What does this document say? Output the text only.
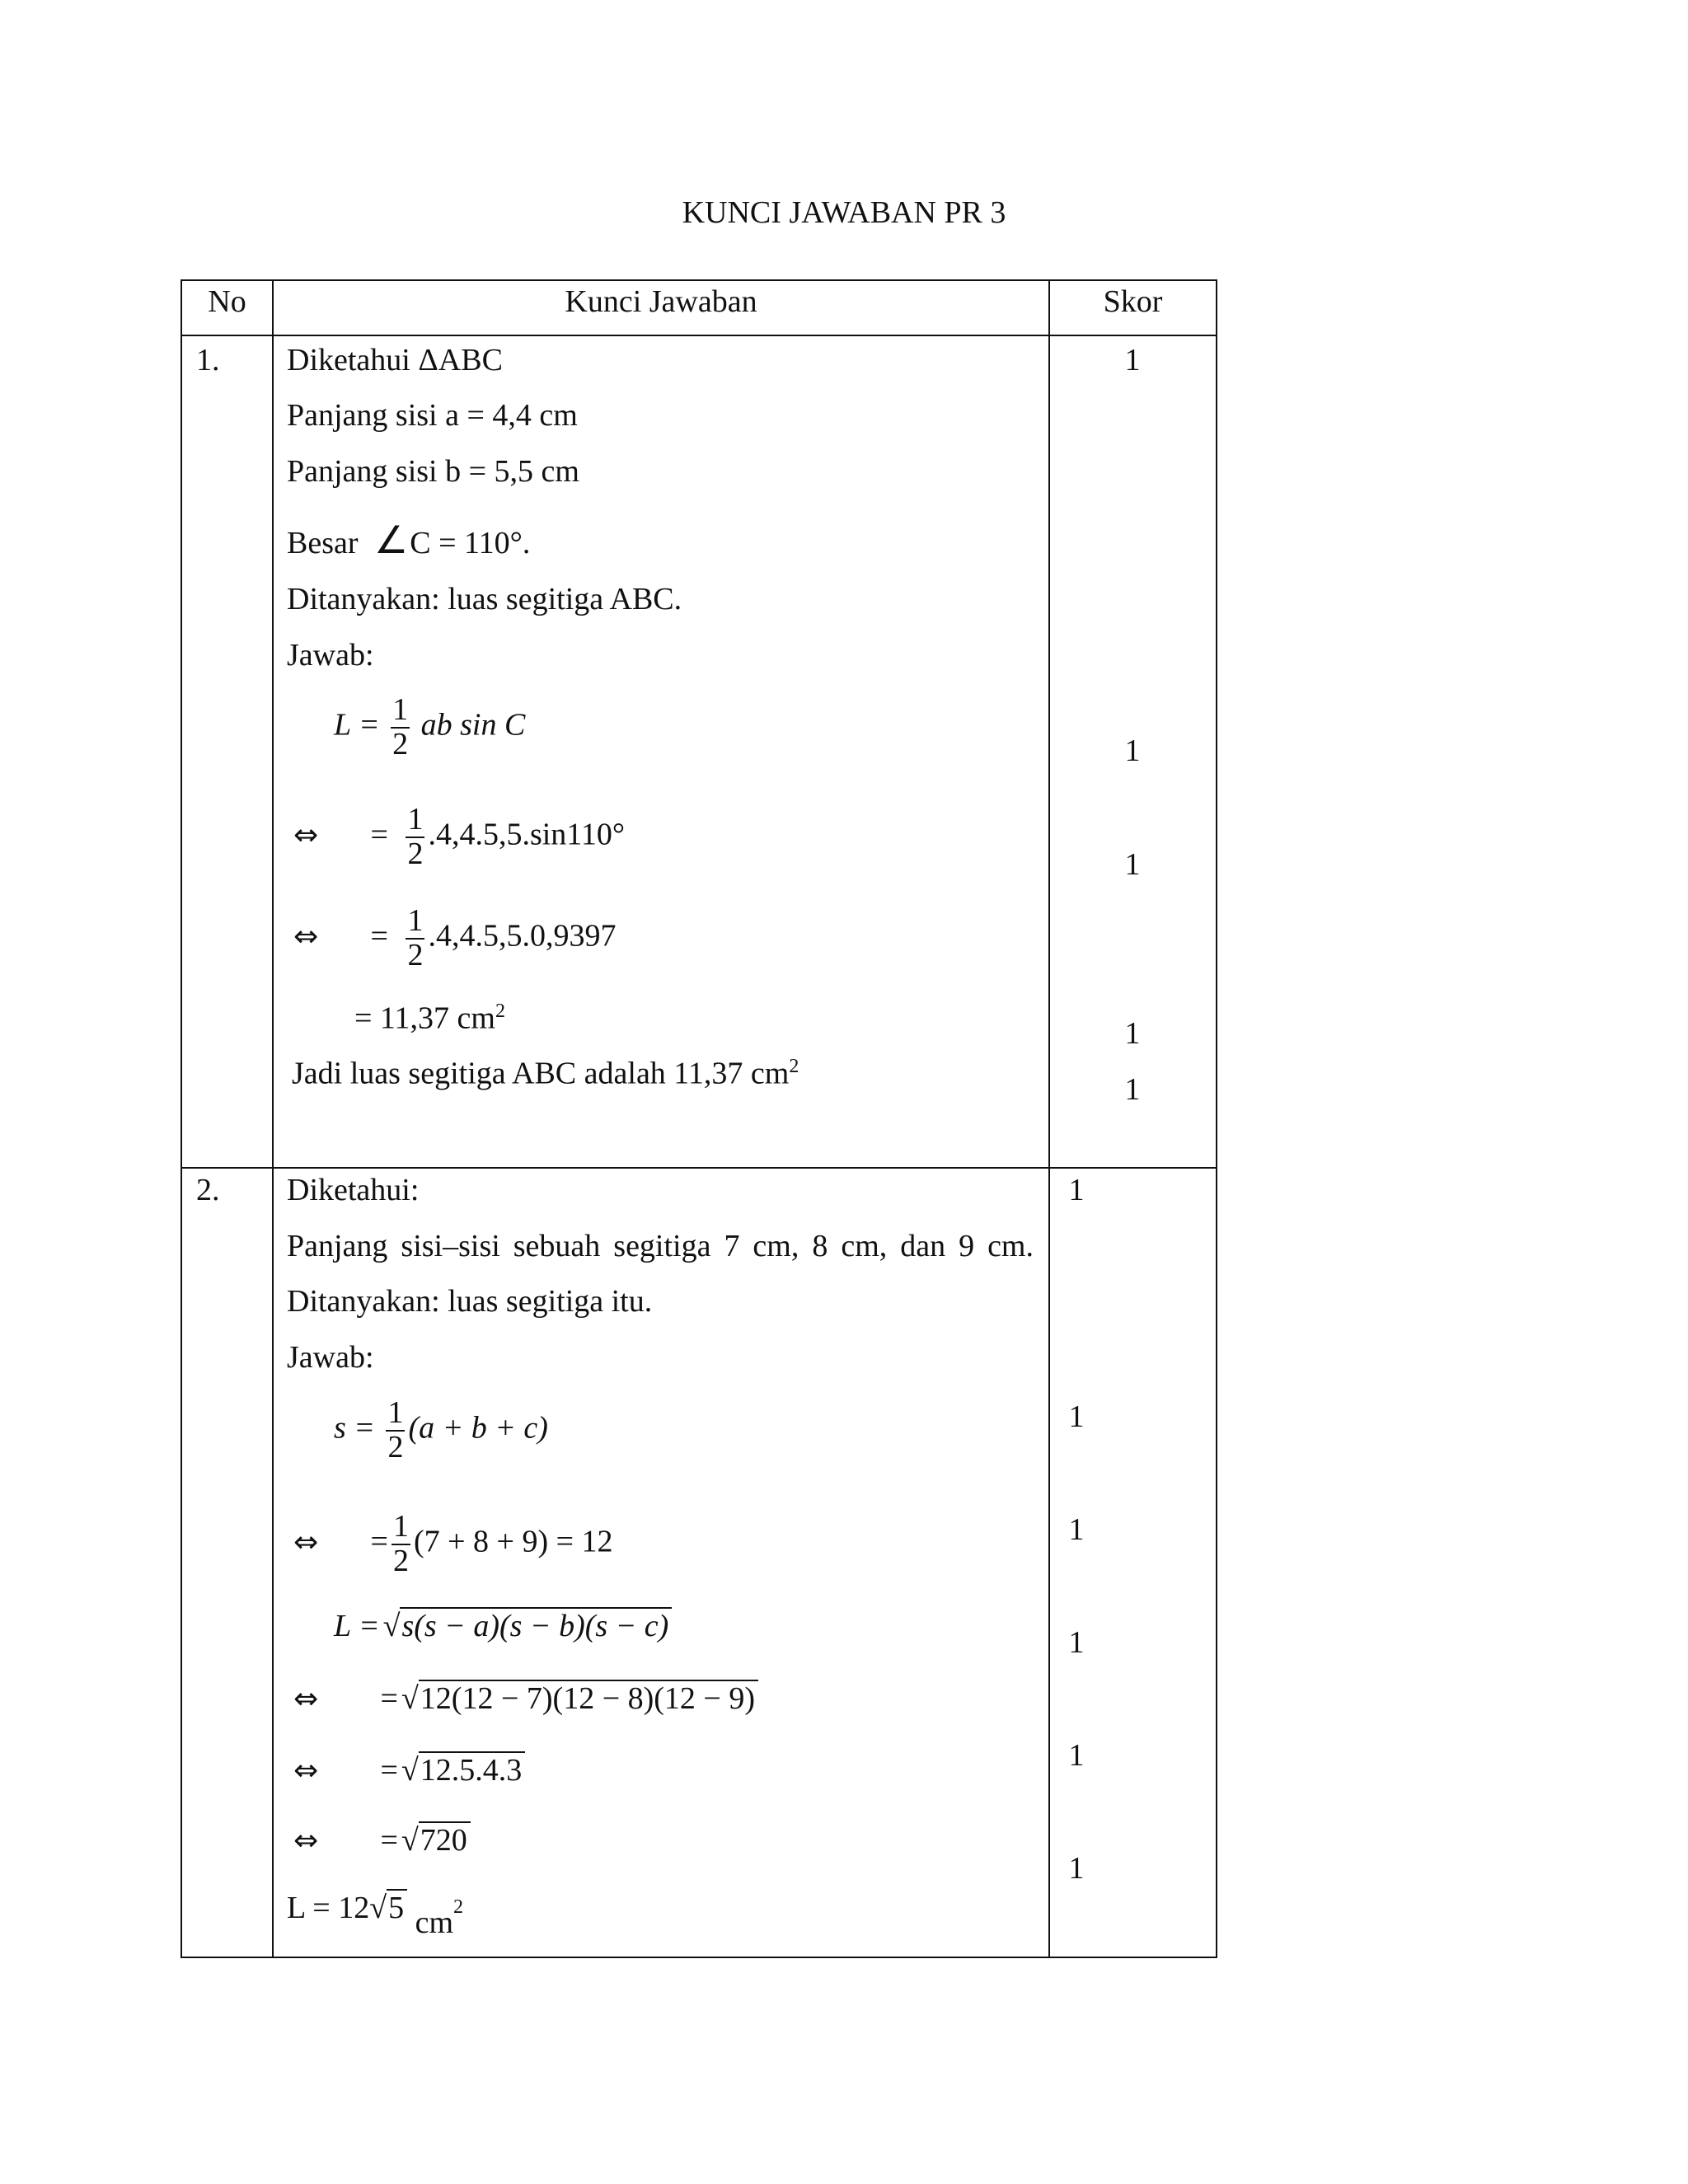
KUNCI JAWABAN PR 3
No	Kunci Jawaban	Skor
1. Diketahui ΔABC
Panjang sisi a = 4,4 cm
Panjang sisi b = 5,5 cm
Besar ∠C = 110°.
Ditanyakan: luas segitiga ABC.
Jawab:
$L = \frac{1}{2}$ ab sin C
⇔ = $\frac{1}{2} .4,4.5,5.\sin 110^\circ$
⇔ = $\frac{1}{2} .4,4.5,5.0,9397$
= 11,37 $cm^2$
Jadi luas segitiga ABC adalah 11,37 $cm^2$
1
1
1
1
1
2. Diketahui:
Panjang sisi–sisi sebuah segitiga 7 cm, 8 cm, dan 9 cm.
Ditanyakan: luas segitiga itu.
Jawab:
$s = \frac{1}{2} (a + b + c)$
⇔ = $\frac{1}{2} (7 + 8 + 9) = 12$
L = √s(s − a)(s − b)(s − c)
⇔ = √12(12 − 7)(12 − 8)(12 − 9)
⇔ = √12.5.4.3
⇔ = √720
L = 12√5 $cm^2$
1
1
1
1
1
1
